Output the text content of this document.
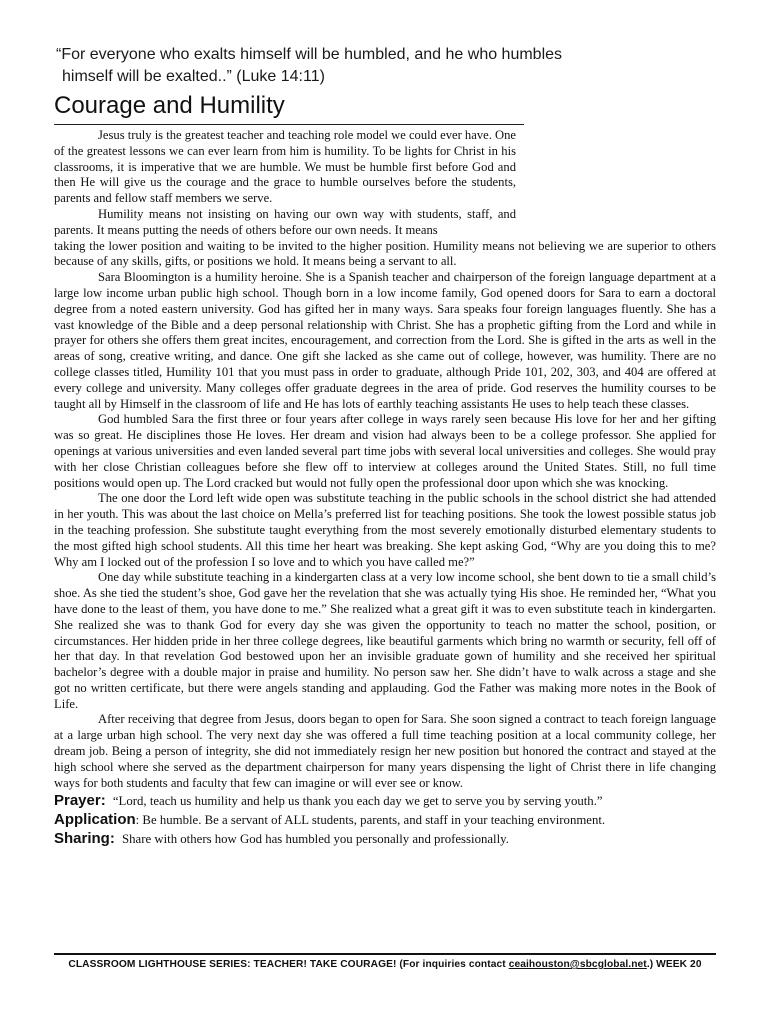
“For everyone who exalts himself will be humbled, and he who humbles
himself will be exalted..” (Luke 14:11)
Courage and Humility

Jesus truly is the greatest teacher and teaching role model we could ever have. One of the greatest lessons we can ever learn from him is humility. To be lights for Christ in his classrooms, it is imperative that we are humble. We must be humble first before God and then He will give us the courage and the grace to humble ourselves before the students, parents and fellow staff members we serve.

Humility means not insisting on having our own way with students, staff, and parents. It means putting the needs of others before our own needs. It means

taking the lower position and waiting to be invited to the higher position. Humility means not believing we are superior to others because of any skills, gifts, or positions we hold. It means being a servant to all.

Sara Bloomington is a humility heroine. She is a Spanish teacher and chairperson of the foreign language department at a large low income urban public high school. Though born in a low income family, God opened doors for Sara to earn a doctoral degree from a noted eastern university. God has gifted her in many ways. Sara speaks four foreign languages fluently. She has a vast knowledge of the Bible and a deep personal relationship with Christ. She has a prophetic gifting from the Lord and while in prayer for others she offers them great incites, encouragement, and correction from the Lord. She is gifted in the arts as well in the areas of song, creative writing, and dance. One gift she lacked as she came out of college, however, was humility. There are no college classes titled, Humility 101 that you must pass in order to graduate, although Pride 101, 202, 303, and 404 are offered at every college and university. Many colleges offer graduate degrees in the area of pride. God reserves the humility courses to be taught all by Himself in the classroom of life and He has lots of earthly teaching assistants He uses to help teach these classes.

God humbled Sara the first three or four years after college in ways rarely seen because His love for her and her gifting was so great. He disciplines those He loves. Her dream and vision had always been to be a college professor. She applied for openings at various universities and even landed several part time jobs with several local universities and colleges. She would pray with her close Christian colleagues before she flew off to interview at colleges around the United States. Still, no full time positions would open up. The Lord cracked but would not fully open the professional door upon which she was knocking.

The one door the Lord left wide open was substitute teaching in the public schools in the school district she had attended in her youth. This was about the last choice on Mella’s preferred list for teaching positions. She took the lowest possible status job in the teaching profession. She substitute taught everything from the most severely emotionally disturbed elementary students to the most gifted high school students. All this time her heart was breaking. She kept asking God, “Why are you doing this to me? Why am I locked out of the profession I so love and to which you have called me?”

One day while substitute teaching in a kindergarten class at a very low income school, she bent down to tie a small child’s shoe. As she tied the student’s shoe, God gave her the revelation that she was actually tying His shoe. He reminded her, “What you have done to the least of them, you have done to me.” She realized what a great gift it was to even substitute teach in kindergarten. She realized she was to thank God for every day she was given the opportunity to teach no matter the school, position, or circumstances. Her hidden pride in her three college degrees, like beautiful garments which bring no warmth or security, fell off of her that day. In that revelation God bestowed upon her an invisible graduate gown of humility and she received her spiritual bachelor’s degree with a double major in praise and humility. No person saw her. She didn’t have to walk across a stage and she got no written certificate, but there were angels standing and applauding. God the Father was making more notes in the Book of Life.

After receiving that degree from Jesus, doors began to open for Sara. She soon signed a contract to teach foreign language at a large urban high school. The very next day she was offered a full time teaching position at a local community college, her dream job. Being a person of integrity, she did not immediately resign her new position but honored the contract and stayed at the high school where she served as the department chairperson for many years dispensing the light of Christ there in life changing ways for both students and faculty that few can imagine or will ever see or know.

Prayer: “Lord, teach us humility and help us thank you each day we get to serve you by serving youth.”
Application: Be humble. Be a servant of ALL students, parents, and staff in your teaching environment.
Sharing: Share with others how God has humbled you personally and professionally.
CLASSROOM LIGHTHOUSE SERIES: TEACHER! TAKE COURAGE! (For inquiries contact ceaihouston@sbcglobal.net.) WEEK 20
